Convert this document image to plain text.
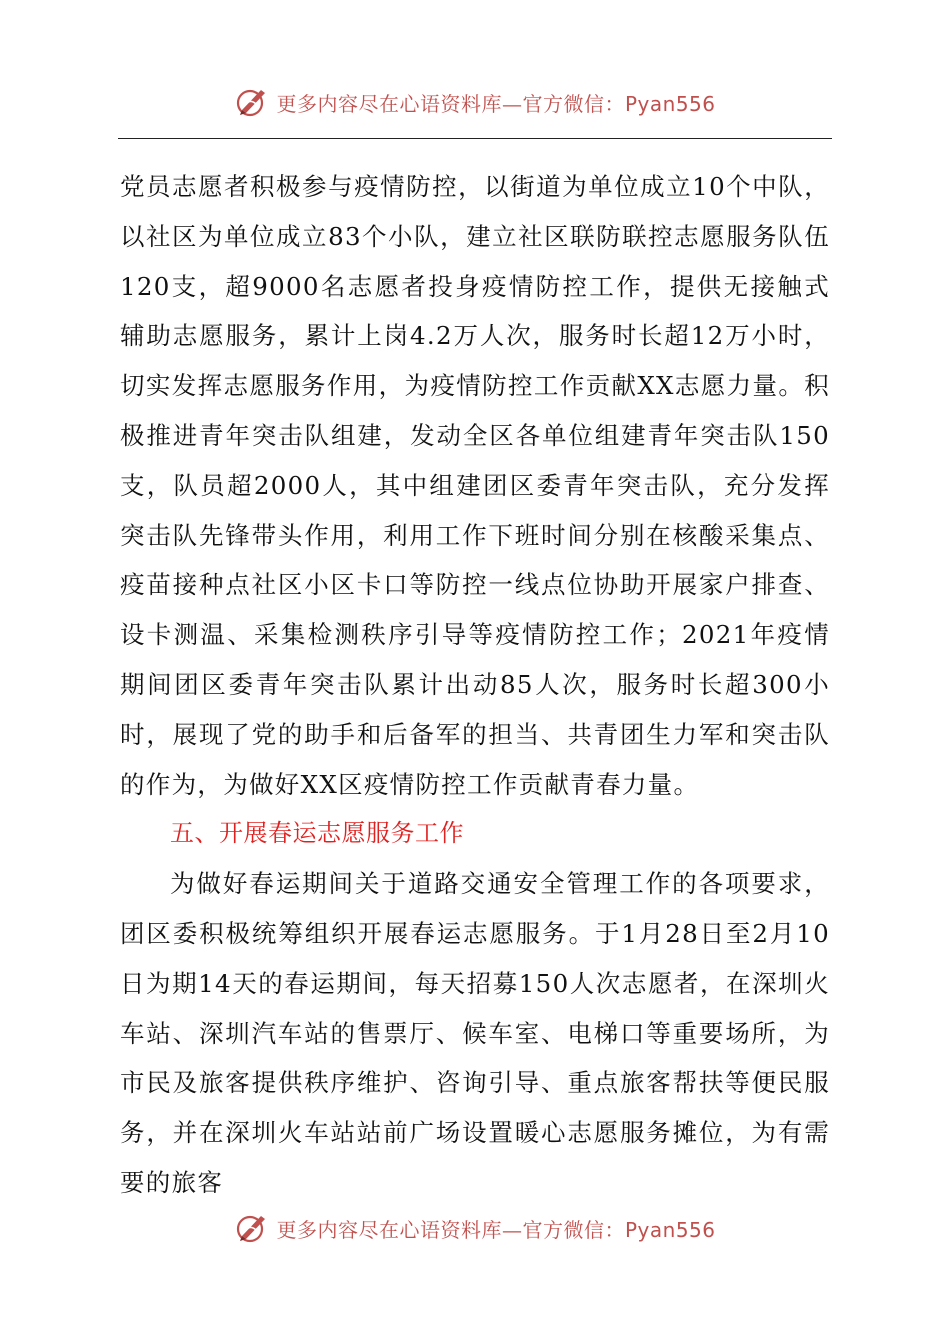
更多内容尽在心语资料库—官方微信：Pyan556

党员志愿者积极参与疫情防控，以街道为单位成立10个中队，以社区为单位成立83个小队，建立社区联防联控志愿服务队伍120支，超9000名志愿者投身疫情防控工作，提供无接触式辅助志愿服务，累计上岗4.2万人次，服务时长超12万小时，切实发挥志愿服务作用，为疫情防控工作贡献XX志愿力量。积极推进青年突击队组建，发动全区各单位组建青年突击队150支，队员超2000人，其中组建团区委青年突击队，充分发挥突击队先锋带头作用，利用工作下班时间分别在核酸采集点、疫苗接种点社区小区卡口等防控一线点位协助开展家户排查、设卡测温、采集检测秩序引导等疫情防控工作；2021年疫情期间团区委青年突击队累计出动85人次，服务时长超300小时，展现了党的助手和后备军的担当、共青团生力军和突击队的作为，为做好XX区疫情防控工作贡献青春力量。

五、开展春运志愿服务工作

为做好春运期间关于道路交通安全管理工作的各项要求，团区委积极统筹组织开展春运志愿服务。于1月28日至2月10日为期14天的春运期间，每天招募150人次志愿者，在深圳火车站、深圳汽车站的售票厅、候车室、电梯口等重要场所，为市民及旅客提供秩序维护、咨询引导、重点旅客帮扶等便民服务，并在深圳火车站站前广场设置暖心志愿服务摊位，为有需要的旅客

更多内容尽在心语资料库—官方微信：Pyan556
